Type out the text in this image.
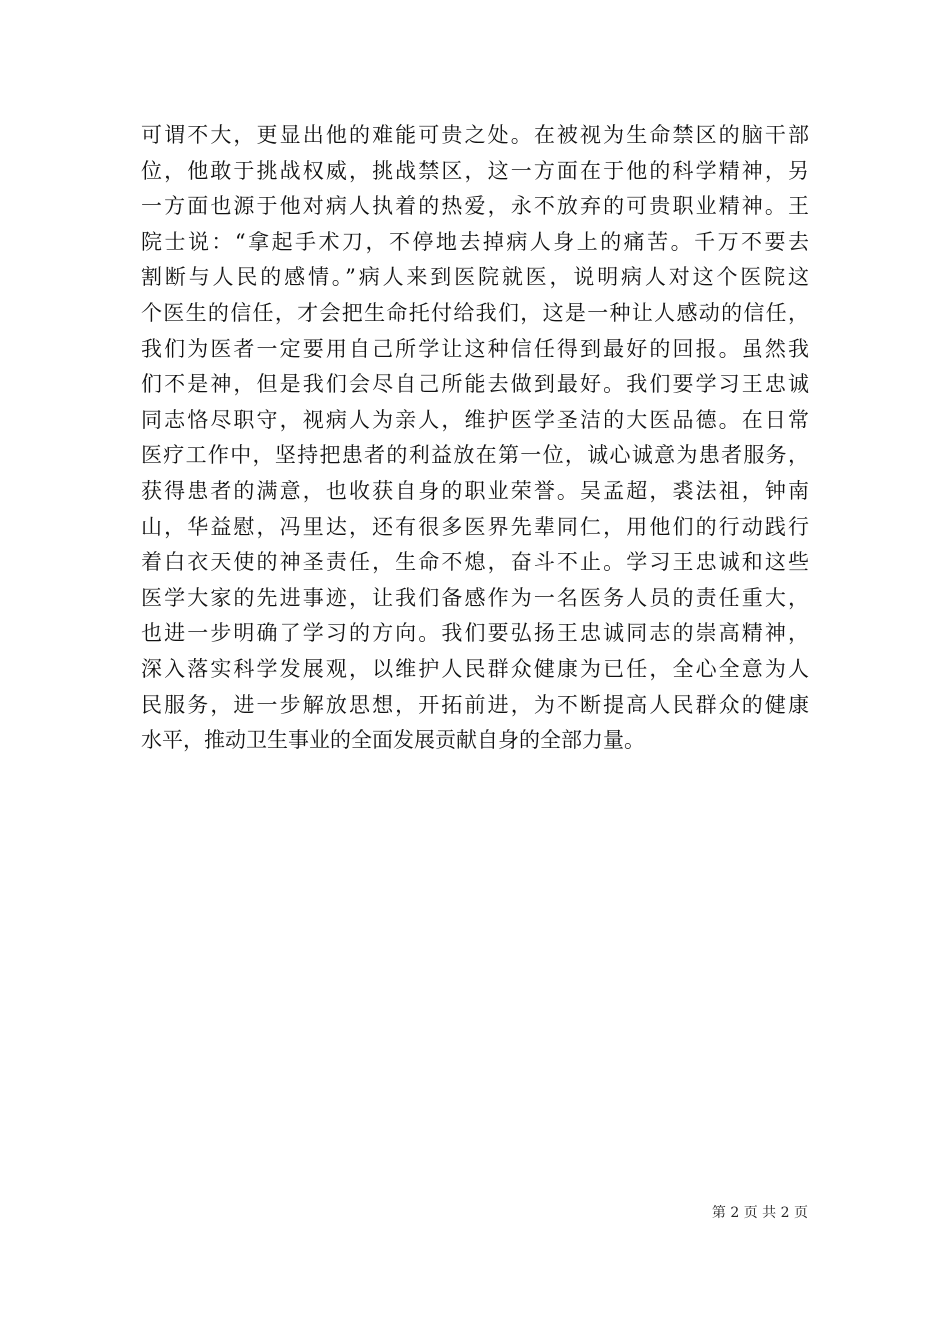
可谓不大，更显出他的难能可贵之处。在被视为生命禁区的脑干部
位，他敢于挑战权威，挑战禁区，这一方面在于他的科学精神，另
一方面也源于他对病人执着的热爱，永不放弃的可贵职业精神。王
院士说：“拿起手术刀，不停地去掉病人身上的痛苦。千万不要去
割断与人民的感情。”病人来到医院就医，说明病人对这个医院这
个医生的信任，才会把生命托付给我们，这是一种让人感动的信任，
我们为医者一定要用自己所学让这种信任得到最好的回报。虽然我
们不是神，但是我们会尽自己所能去做到最好。我们要学习王忠诚
同志恪尽职守，视病人为亲人，维护医学圣洁的大医品德。在日常
医疗工作中，坚持把患者的利益放在第一位，诚心诚意为患者服务，
获得患者的满意，也收获自身的职业荣誉。吴孟超，裘法祖，钟南
山，华益慰，冯里达，还有很多医界先辈同仁，用他们的行动践行
着白衣天使的神圣责任，生命不熄，奋斗不止。学习王忠诚和这些
医学大家的先进事迹，让我们备感作为一名医务人员的责任重大，
也进一步明确了学习的方向。我们要弘扬王忠诚同志的崇高精神，
深入落实科学发展观，以维护人民群众健康为已任，全心全意为人
民服务，进一步解放思想，开拓前进，为不断提高人民群众的健康
水平，推动卫生事业的全面发展贡献自身的全部力量。
第 2 页 共 2 页
